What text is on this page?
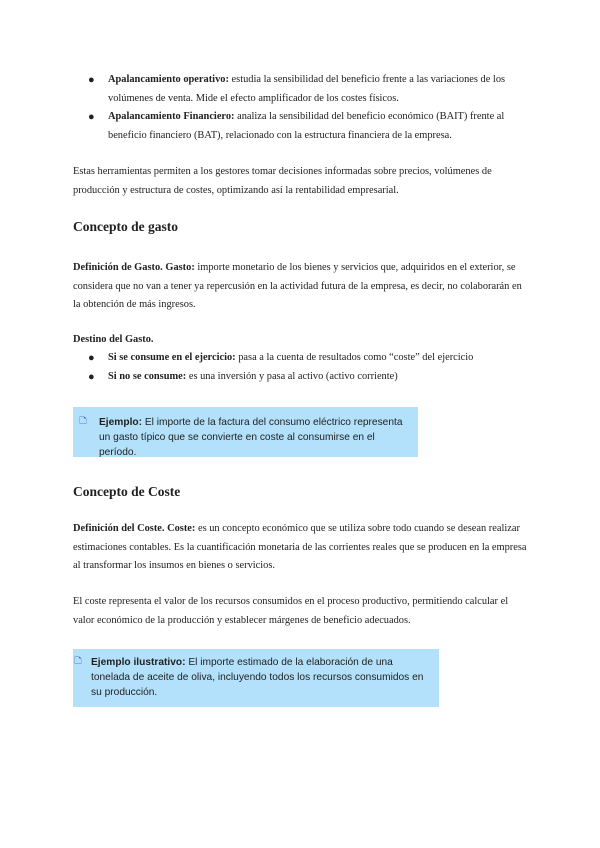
● Apalancamiento operativo: estudia la sensibilidad del beneficio frente a las variaciones de los volúmenes de venta. Mide el efecto amplificador de los costes físicos.
● Apalancamiento Financiero: analiza la sensibilidad del beneficio económico (BAIT) frente al beneficio financiero (BAT), relacionado con la estructura financiera de la empresa.
Estas herramientas permiten a los gestores tomar decisiones informadas sobre precios, volúmenes de producción y estructura de costes, optimizando así la rentabilidad empresarial.
Concepto de gasto
Definición de Gasto. Gasto: importe monetario de los bienes y servicios que, adquiridos en el exterior, se considera que no van a tener ya repercusión en la actividad futura de la empresa, es decir, no colaborarán en la obtención de más ingresos.
Destino del Gasto.
● Si se consume en el ejercicio: pasa a la cuenta de resultados como “coste” del ejercicio
● Si no se consume: es una inversión y pasa al activo (activo corriente)
🗅 Ejemplo: El importe de la factura del consumo eléctrico representa un gasto típico que se convierte en coste al consumirse en el período.
Concepto de Coste
Definición del Coste. Coste: es un concepto económico que se utiliza sobre todo cuando se desean realizar estimaciones contables. Es la cuantificación monetaria de las corrientes reales que se producen en la empresa al transformar los insumos en bienes o servicios.
El coste representa el valor de los recursos consumidos en el proceso productivo, permitiendo calcular el valor económico de la producción y establecer márgenes de beneficio adecuados.
🗅 Ejemplo ilustrativo: El importe estimado de la elaboración de una tonelada de aceite de oliva, incluyendo todos los recursos consumidos en su producción.
